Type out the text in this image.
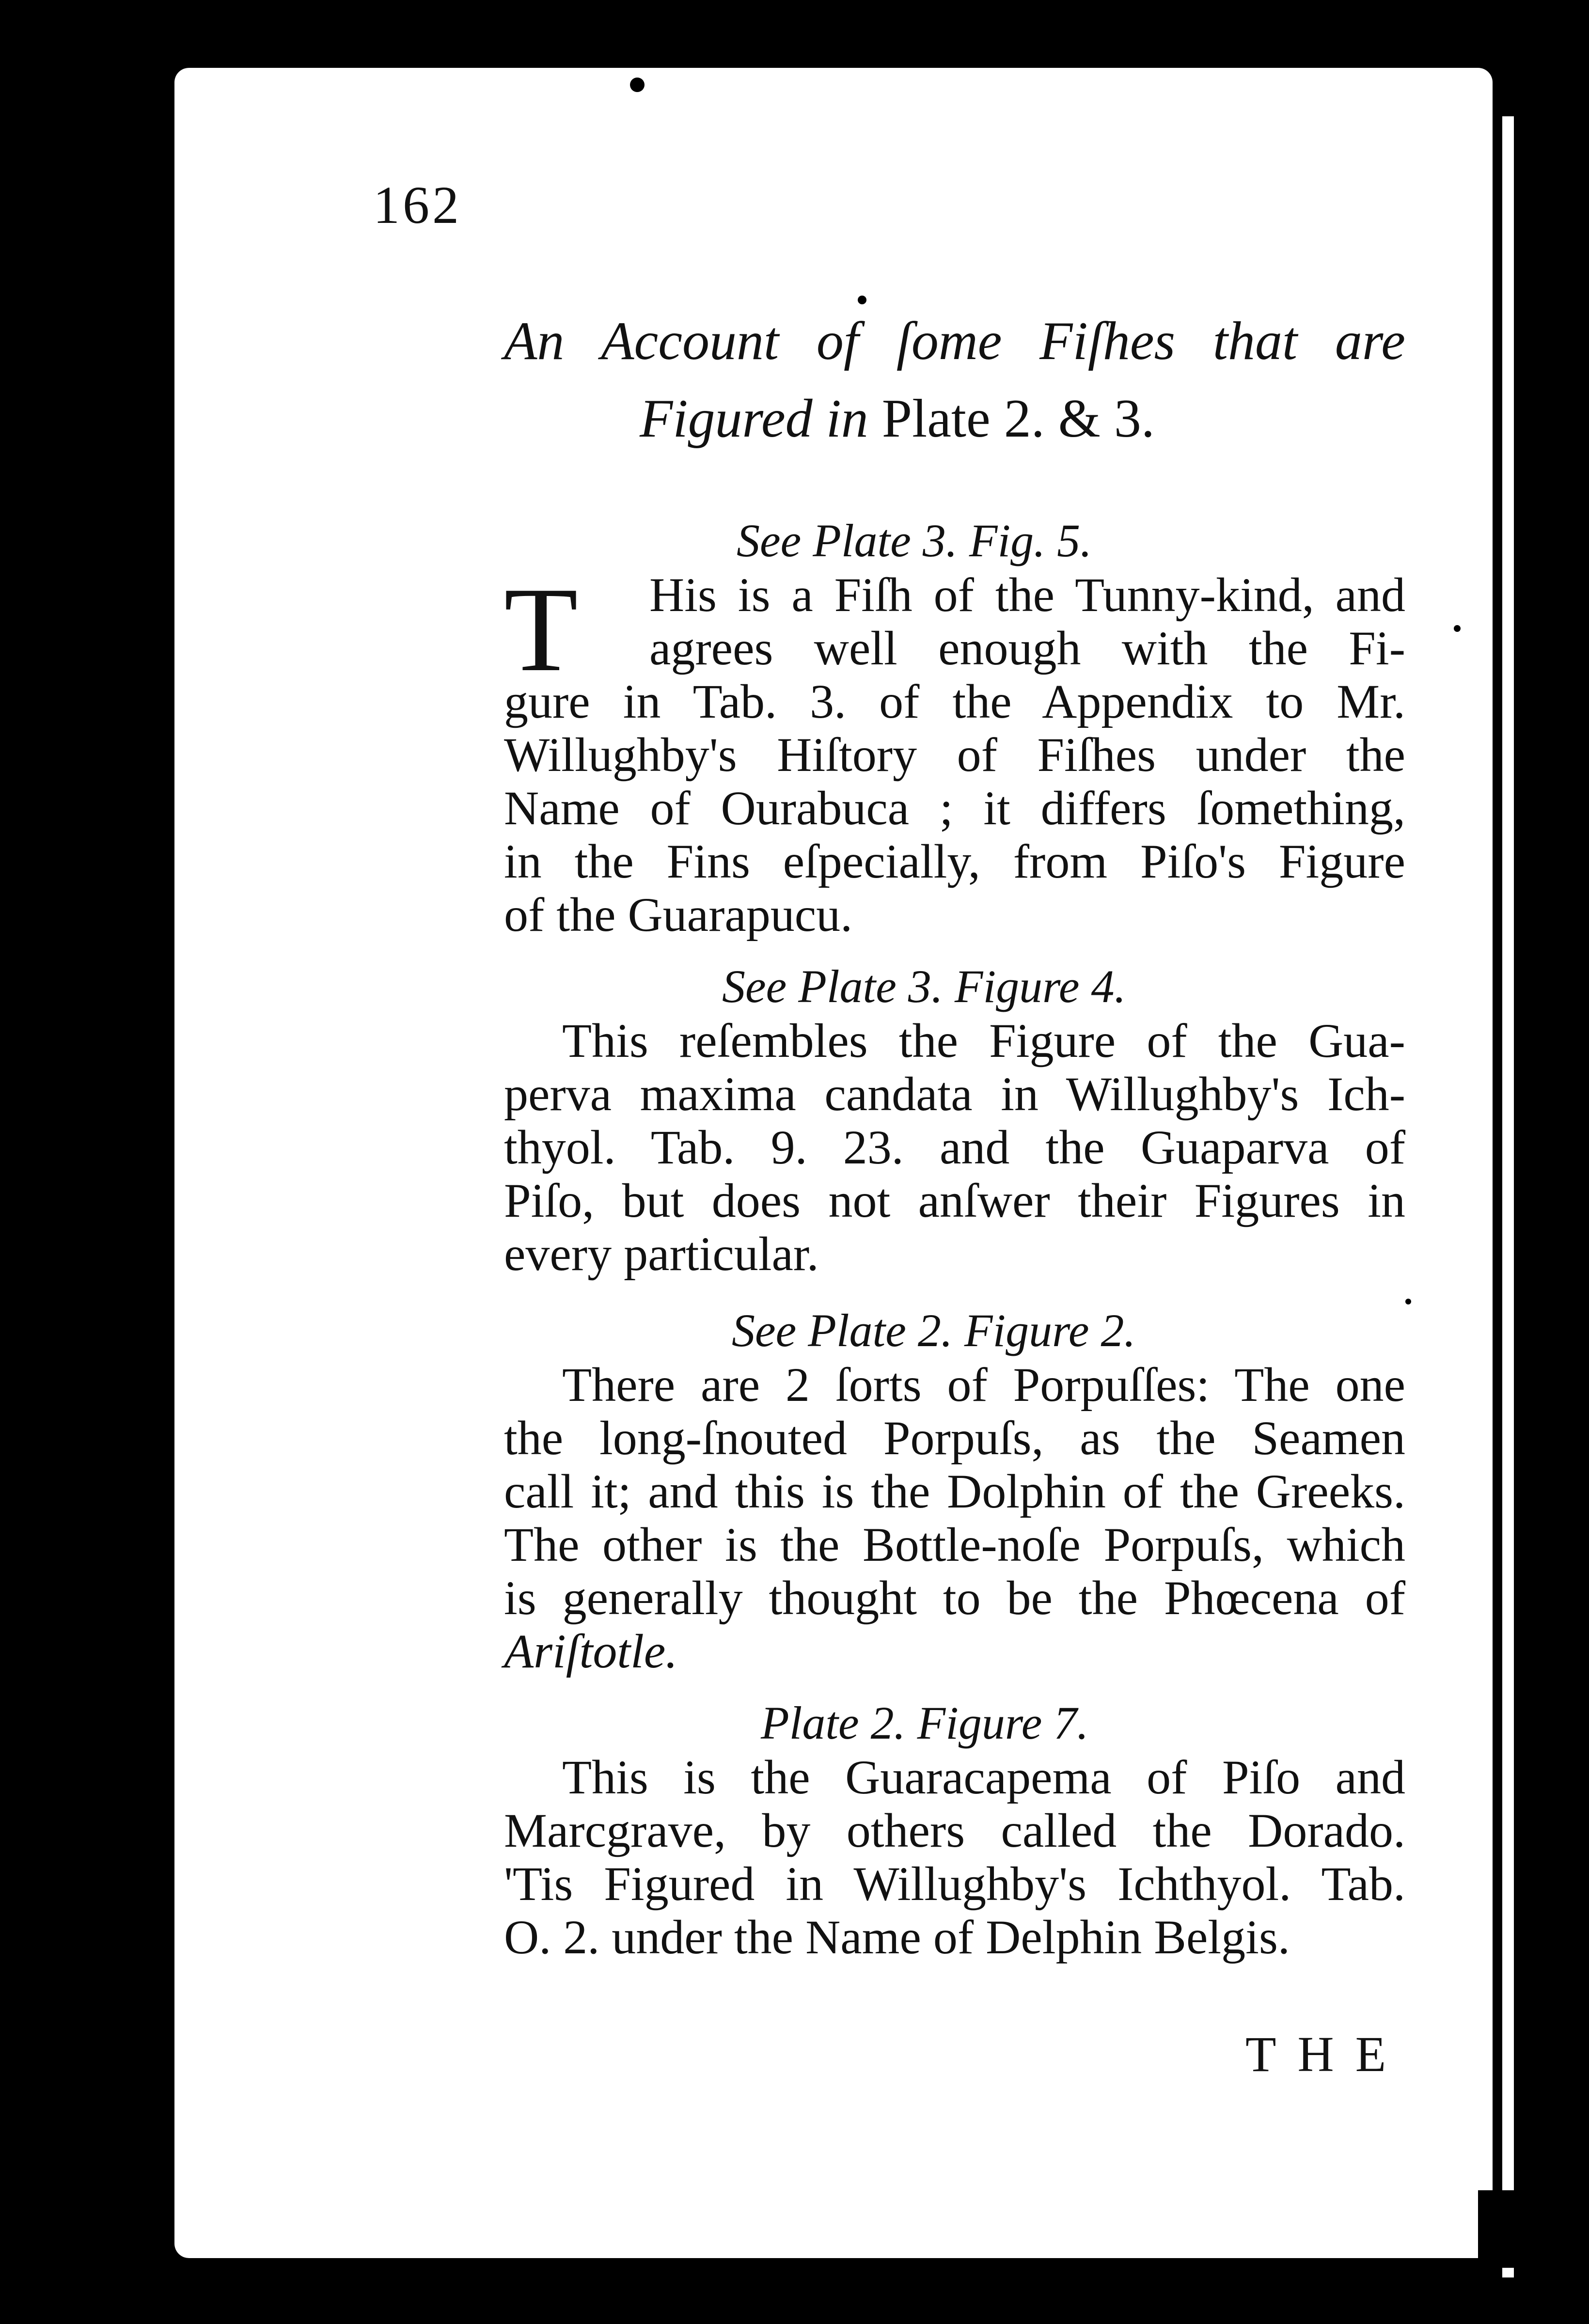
162
An Account of ſome Fiſhes that are
Figured in Plate 2. & 3.
See Plate 3. Fig. 5.
T His is a Fiſh of the Tunny-kind, and
agrees well enough with the Fi-
gure in Tab. 3. of the Appendix to Mr.
Willughby's Hiſtory of Fiſhes under the
Name of Ourabuca ; it differs ſomething,
in the Fins eſpecially, from Piſo's Figure
of the Guarapucu.
See Plate 3. Figure 4.
This reſembles the Figure of the Gua-
perva maxima candata in Willughby's Ich-
thyol. Tab. 9. 23. and the Guaparva of
Piſo, but does not anſwer their Figures in
every particular.
See Plate 2. Figure 2.
There are 2 ſorts of Porpuſſes: The one
the long-ſnouted Porpuſs, as the Seamen
call it; and this is the Dolphin of the Greeks.
The other is the Bottle-noſe Porpuſs, which
is generally thought to be the Phœcena of
Ariſtotle.
Plate 2. Figure 7.
This is the Guaracapema of Piſo and
Marcgrave, by others called the Dorado.
'Tis Figured in Willughby's Ichthyol. Tab.
O. 2. under the Name of Delphin Belgis.
THE
